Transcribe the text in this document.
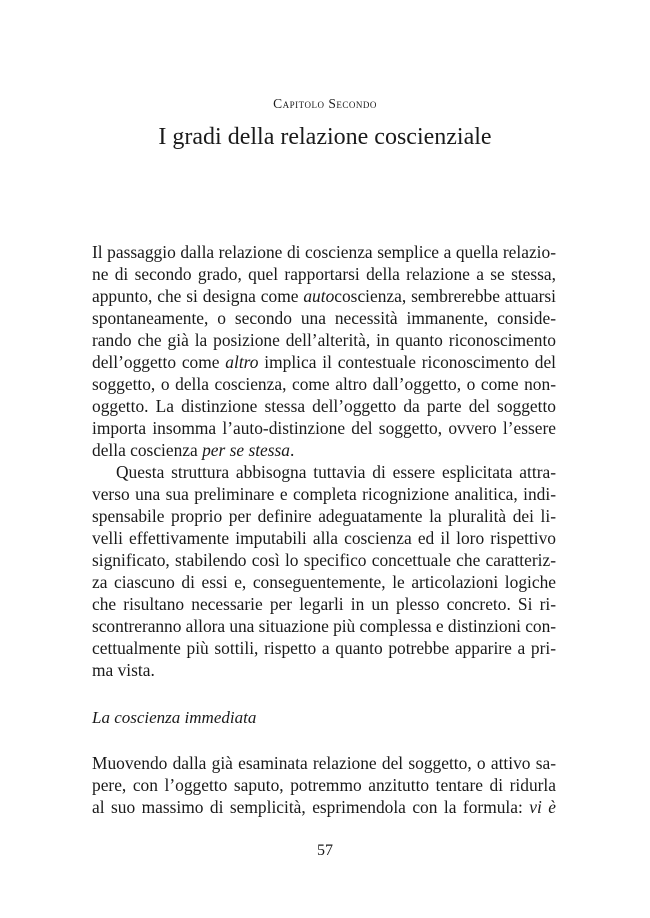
Capitolo Secondo
I gradi della relazione coscienziale
Il passaggio dalla relazione di coscienza semplice a quella relazio-
ne di secondo grado, quel rapportarsi della relazione a se stessa,
appunto, che si designa come autocoscienza, sembrerebbe attuarsi
spontaneamente, o secondo una necessità immanente, conside-
rando che già la posizione dell’alterità, in quanto riconoscimento
dell’oggetto come altro implica il contestuale riconoscimento del
soggetto, o della coscienza, come altro dall’oggetto, o come non-
oggetto. La distinzione stessa dell’oggetto da parte del soggetto
importa insomma l’auto-distinzione del soggetto, ovvero l’essere
della coscienza per se stessa.
Questa struttura abbisogna tuttavia di essere esplicitata attra-
verso una sua preliminare e completa ricognizione analitica, indi-
spensabile proprio per definire adeguatamente la pluralità dei li-
velli effettivamente imputabili alla coscienza ed il loro rispettivo
significato, stabilendo così lo specifico concettuale che caratteriz-
za ciascuno di essi e, conseguentemente, le articolazioni logiche
che risultano necessarie per legarli in un plesso concreto. Si ri-
scontreranno allora una situazione più complessa e distinzioni con-
cettualmente più sottili, rispetto a quanto potrebbe apparire a pri-
ma vista.
La coscienza immediata
Muovendo dalla già esaminata relazione del soggetto, o attivo sa-
pere, con l’oggetto saputo, potremmo anzitutto tentare di ridurla
al suo massimo di semplicità, esprimendola con la formula: vi è
57
